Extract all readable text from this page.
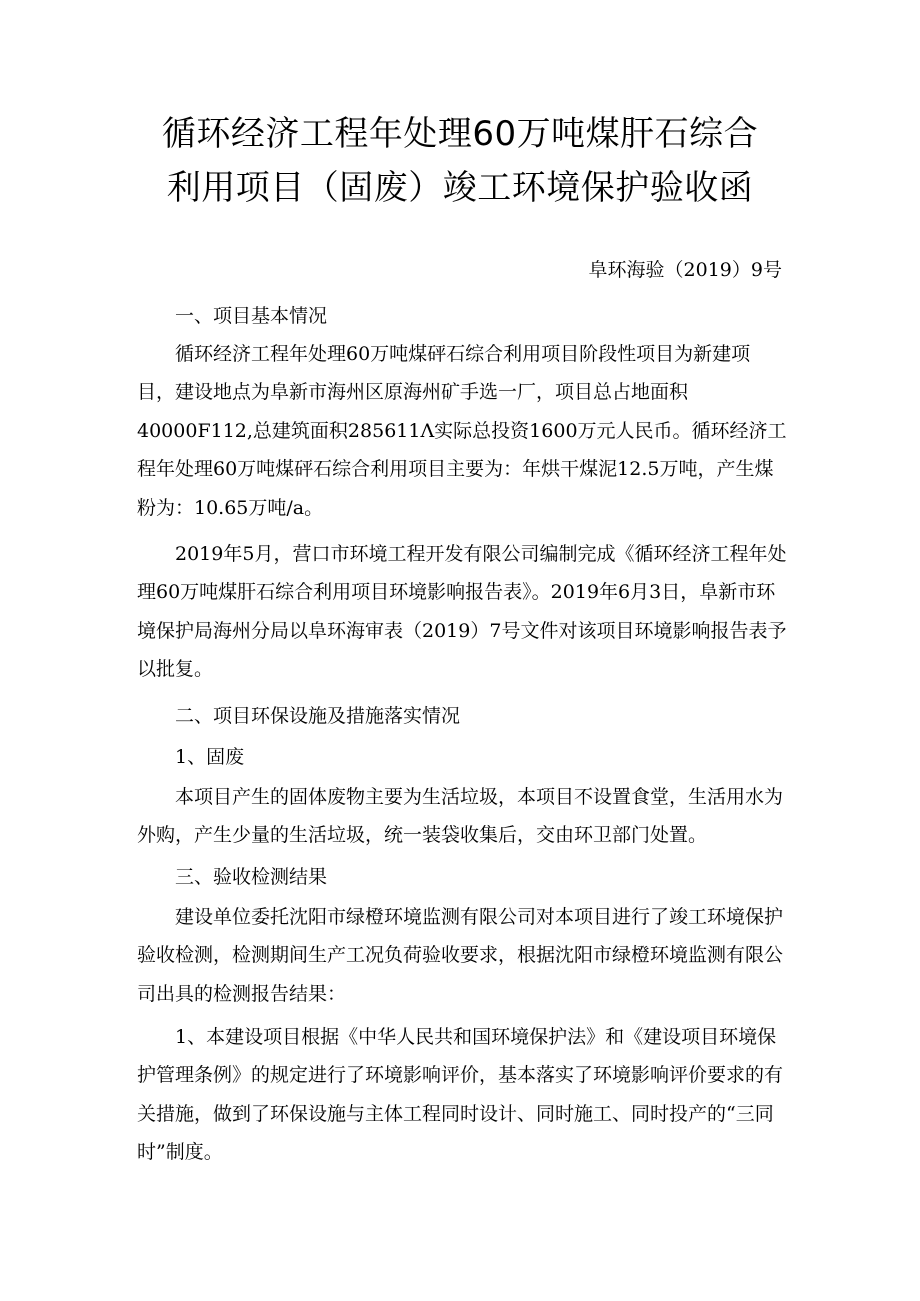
循环经济工程年处理60万吨煤肝石综合
利用项目（固废）竣工环境保护验收函
阜环海验（2019）9号

一、项目基本情况

循环经济工程年处理60万吨煤砰石综合利用项目阶段性项目为新建项目，建设地点为阜新市海州区原海州矿手选一厂，项目总占地面积40000F112,总建筑面积285611Λ实际总投资1600万元人民币。循环经济工程年处理60万吨煤砰石综合利用项目主要为：年烘干煤泥12.5万吨，产生煤粉为：10.65万吨/a。

2019年5月，营口市环境工程开发有限公司编制完成《循环经济工程年处理60万吨煤肝石综合利用项目环境影响报告表》。2019年6月3日，阜新市环境保护局海州分局以阜环海审表（2019）7号文件对该项目环境影响报告表予以批复。

二、项目环保设施及措施落实情况

1、固废

本项目产生的固体废物主要为生活垃圾，本项目不设置食堂，生活用水为外购，产生少量的生活垃圾，统一装袋收集后，交由环卫部门处置。

三、验收检测结果

建设单位委托沈阳市绿橙环境监测有限公司对本项目进行了竣工环境保护验收检测，检测期间生产工况负荷验收要求，根据沈阳市绿橙环境监测有限公司出具的检测报告结果：

1、本建设项目根据《中华人民共和国环境保护法》和《建设项目环境保护管理条例》的规定进行了环境影响评价，基本落实了环境影响评价要求的有关措施，做到了环保设施与主体工程同时设计、同时施工、同时投产的“三同时”制度。
